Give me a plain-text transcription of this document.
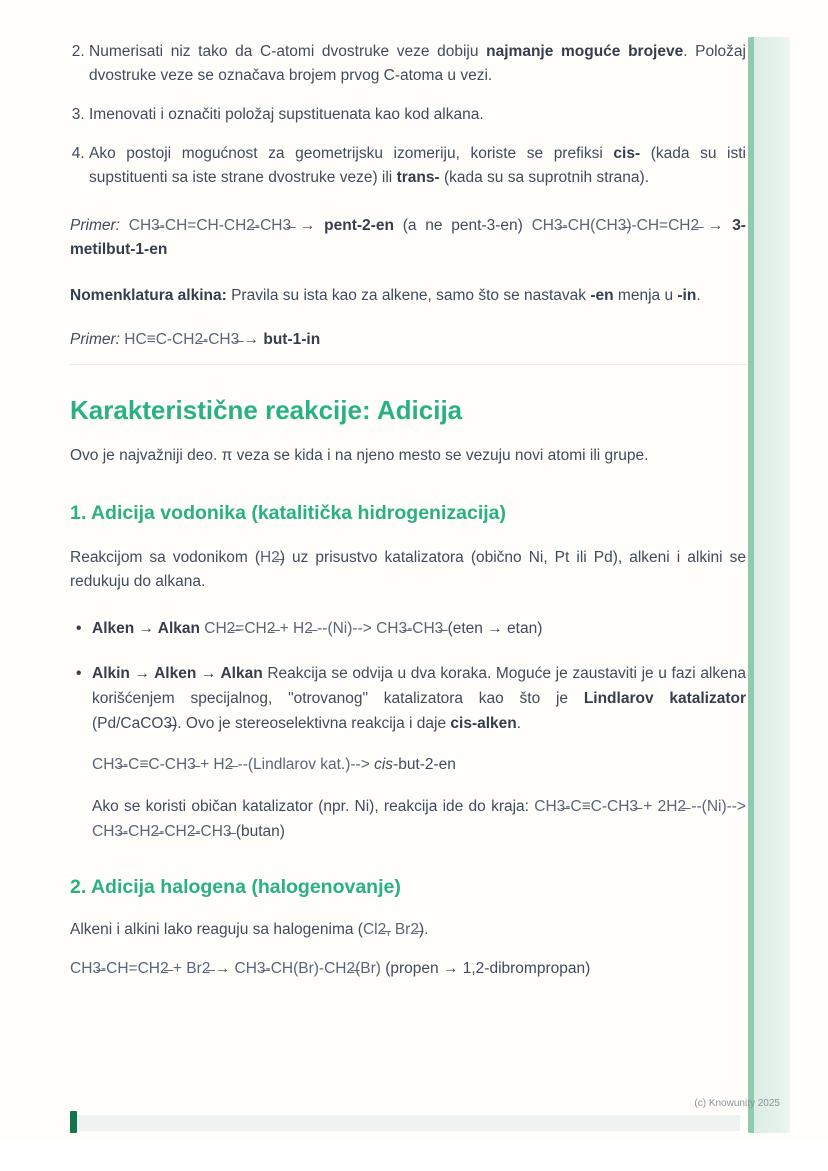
2. Numerisati niz tako da C-atomi dvostruke veze dobiju najmanje moguće brojeve. Položaj dvostruke veze se označava brojem prvog C-atoma u vezi.
3. Imenovati i označiti položaj supstituenata kao kod alkana.
4. Ako postoji mogućnost za geometrijsku izomeriju, koriste se prefiksi cis- (kada su isti supstituenti sa iste strane dvostruke veze) ili trans- (kada su sa suprotnih strana).

Primer: CH3̶-CH=CH-CH2̶-CH3̶ → pent-2-en (a ne pent-3-en) CH3̶-CH(CH3̶)-CH=CH2̶ → 3-metilbut-1-en

Nomenklatura alkina: Pravila su ista kao za alkene, samo što se nastavak -en menja u -in.

Primer: HC≡C-CH2̶-CH3̶ → but-1-in

Karakteristične reakcije: Adicija

Ovo je najvažniji deo. π veza se kida i na njeno mesto se vezuju novi atomi ili grupe.

1. Adicija vodonika (katalitička hidrogenizacija)

Reakcijom sa vodonikom (H2̶) uz prisustvo katalizatora (obično Ni, Pt ili Pd), alkeni i alkini se redukuju do alkana.

• Alken → Alkan CH2̶=CH2̶ + H2̶ --(Ni)--> CH3̶-CH3̶ (eten → etan)
• Alkin → Alken → Alkan Reakcija se odvija u dva koraka. Moguće je zaustaviti je u fazi alkena korišćenjem specijalnog, "otrovanog" katalizatora kao što je Lindlarov katalizator (Pd/CaCO3̶). Ovo je stereoselektivna reakcija i daje cis-alken.
CH3̶-C≡C-CH3̶ + H2̶ --(Lindlarov kat.)--> cis-but-2-en
Ako se koristi običan katalizator (npr. Ni), reakcija ide do kraja: CH3̶-C≡C-CH3̶ + 2H2̶ --(Ni)--> CH3̶-CH2̶-CH2̶-CH3̶ (butan)
2. Adicija halogena (halogenovanje)

Alkeni i alkini lako reaguju sa halogenima (Cl2̶, Br2̶).

CH3̶-CH=CH2̶ + Br2̶ → CH3̶-CH(Br)-CH2̶(Br) (propen → 1,2-dibrompropan)

(c) Knowunity 2025
